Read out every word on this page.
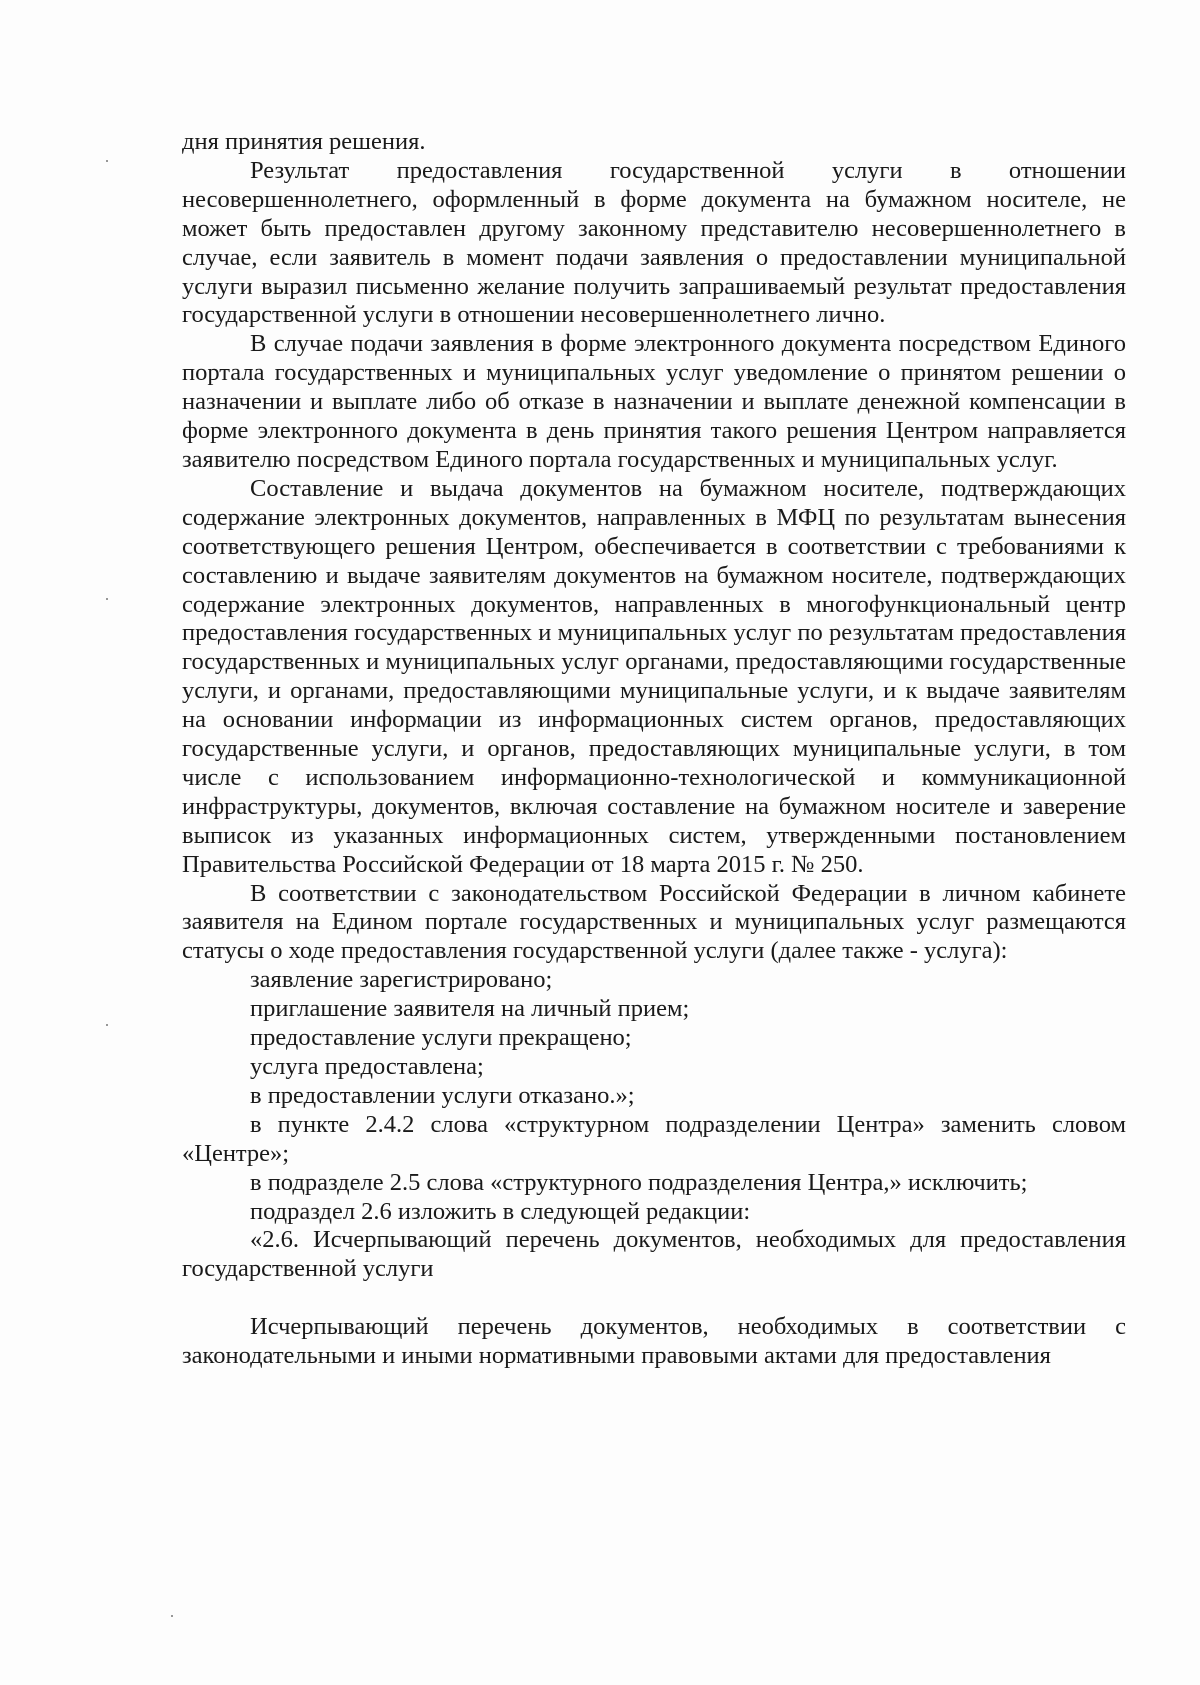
дня принятия решения.

Результат предоставления государственной услуги в отношении несовершеннолетнего, оформленный в форме документа на бумажном носителе, не может быть предоставлен другому законному представителю несовершеннолетнего в случае, если заявитель в момент подачи заявления о предоставлении муниципальной услуги выразил письменно желание получить запрашиваемый результат предоставления государственной услуги в отношении несовершеннолетнего лично.

В случае подачи заявления в форме электронного документа посредством Единого портала государственных и муниципальных услуг уведомление о принятом решении о назначении и выплате либо об отказе в назначении и выплате денежной компенсации в форме электронного документа в день принятия такого решения Центром направляется заявителю посредством Единого портала государственных и муниципальных услуг.

Составление и выдача документов на бумажном носителе, подтверждающих содержание электронных документов, направленных в МФЦ по результатам вынесения соответствующего решения Центром, обеспечивается в соответствии с требованиями к составлению и выдаче заявителям документов на бумажном носителе, подтверждающих содержание электронных документов, направленных в многофункциональный центр предоставления государственных и муниципальных услуг по результатам предоставления государственных и муниципальных услуг органами, предоставляющими государственные услуги, и органами, предоставляющими муниципальные услуги, и к выдаче заявителям на основании информации из информационных систем органов, предоставляющих государственные услуги, и органов, предоставляющих муниципальные услуги, в том числе с использованием информационно-технологической и коммуникационной инфраструктуры, документов, включая составление на бумажном носителе и заверение выписок из указанных информационных систем, утвержденными постановлением Правительства Российской Федерации от 18 марта 2015 г. № 250.

В соответствии с законодательством Российской Федерации в личном кабинете заявителя на Едином портале государственных и муниципальных услуг размещаются статусы о ходе предоставления государственной услуги (далее также - услуга):

заявление зарегистрировано;

приглашение заявителя на личный прием;

предоставление услуги прекращено;

услуга предоставлена;

в предоставлении услуги отказано.»;

в пункте 2.4.2 слова «структурном подразделении Центра» заменить словом «Центре»;

в подразделе 2.5 слова «структурного подразделения Центра,» исключить;

подраздел 2.6 изложить в следующей редакции:

«2.6. Исчерпывающий перечень документов, необходимых для предоставления государственной услуги

Исчерпывающий перечень документов, необходимых в соответствии с законодательными и иными нормативными правовыми актами для предоставления
